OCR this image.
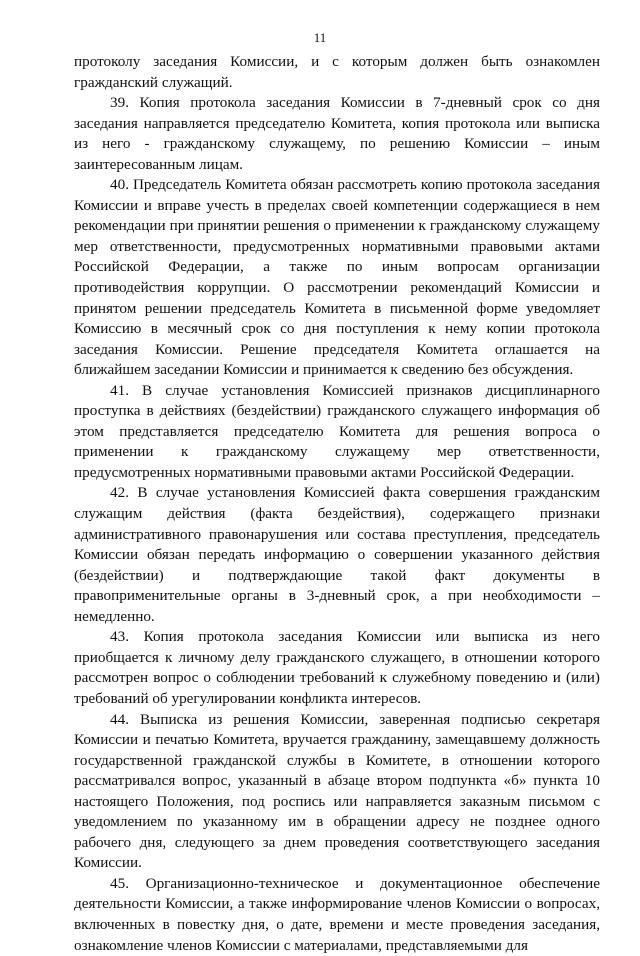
11

протоколу заседания Комиссии, и с которым должен быть ознакомлен гражданский служащий.

39. Копия протокола заседания Комиссии в 7-дневный срок со дня заседания направляется председателю Комитета, копия протокола или выписка из него - гражданскому служащему, по решению Комиссии – иным заинтересованным лицам.

40. Председатель Комитета обязан рассмотреть копию протокола заседания Комиссии и вправе учесть в пределах своей компетенции содержащиеся в нем рекомендации при принятии решения о применении к гражданскому служащему мер ответственности, предусмотренных нормативными правовыми актами Российской Федерации, а также по иным вопросам организации противодействия коррупции. О рассмотрении рекомендаций Комиссии и принятом решении председатель Комитета в письменной форме уведомляет Комиссию в месячный срок со дня поступления к нему копии протокола заседания Комиссии. Решение председателя Комитета оглашается на ближайшем заседании Комиссии и принимается к сведению без обсуждения.

41. В случае установления Комиссией признаков дисциплинарного проступка в действиях (бездействии) гражданского служащего информация об этом представляется председателю Комитета для решения вопроса о применении к гражданскому служащему мер ответственности, предусмотренных нормативными правовыми актами Российской Федерации.

42. В случае установления Комиссией факта совершения гражданским служащим действия (факта бездействия), содержащего признаки административного правонарушения или состава преступления, председатель Комиссии обязан передать информацию о совершении указанного действия (бездействии) и подтверждающие такой факт документы в правоприменительные органы в 3-дневный срок, а при необходимости – немедленно.

43. Копия протокола заседания Комиссии или выписка из него приобщается к личному делу гражданского служащего, в отношении которого рассмотрен вопрос о соблюдении требований к служебному поведению и (или) требований об урегулировании конфликта интересов.

44. Выписка из решения Комиссии, заверенная подписью секретаря Комиссии и печатью Комитета, вручается гражданину, замещавшему должность государственной гражданской службы в Комитете, в отношении которого рассматривался вопрос, указанный в абзаце втором подпункта «б» пункта 10 настоящего Положения, под роспись или направляется заказным письмом с уведомлением по указанному им в обращении адресу не позднее одного рабочего дня, следующего за днем проведения соответствующего заседания Комиссии.

45. Организационно-техническое и документационное обеспечение деятельности Комиссии, а также информирование членов Комиссии о вопросах, включенных в повестку дня, о дате, времени и месте проведения заседания, ознакомление членов Комиссии с материалами, представляемыми для
